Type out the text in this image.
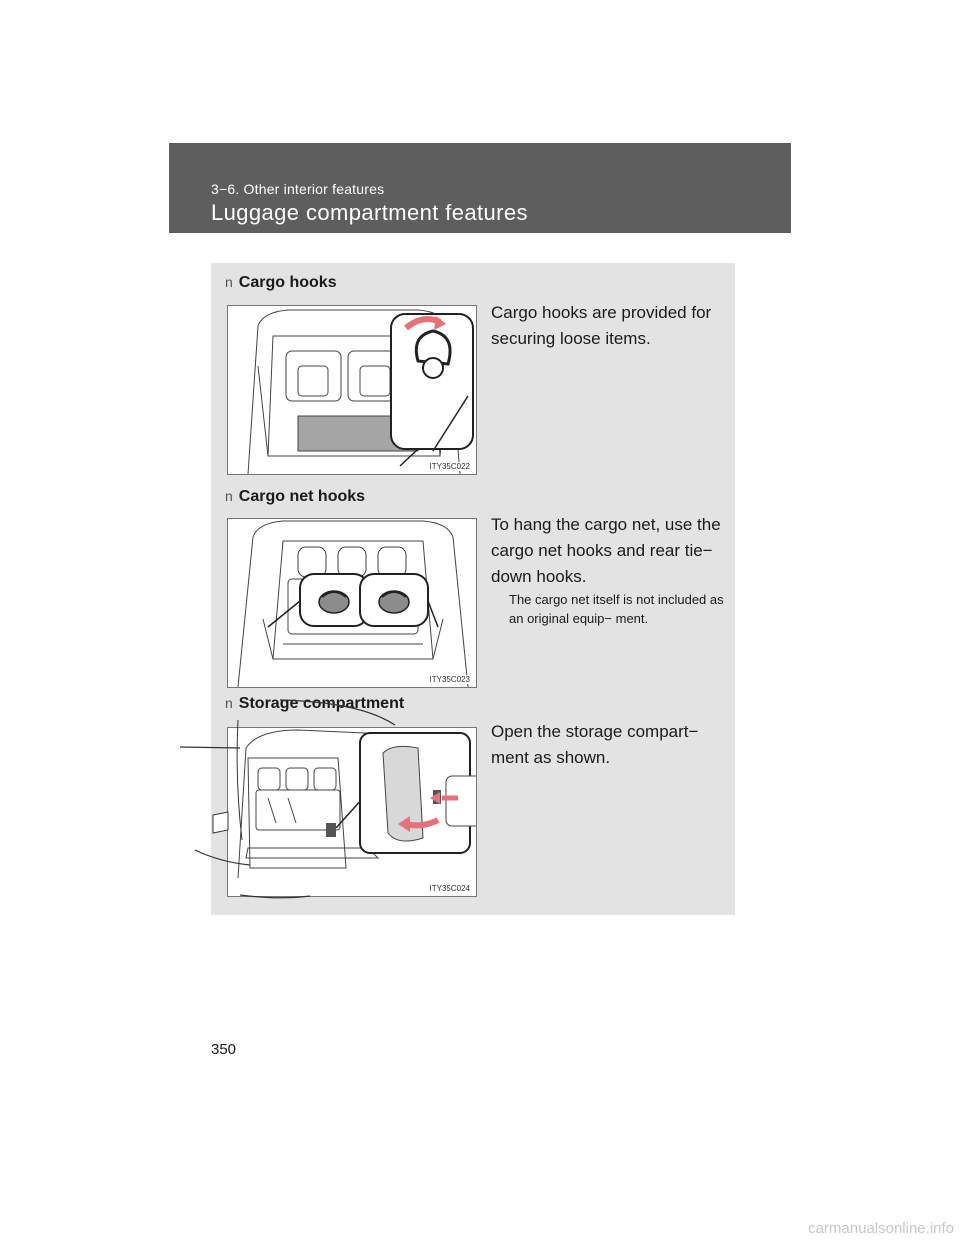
3−6. Other interior features
Luggage compartment features
n Cargo hooks
ITY35C022
Cargo hooks are provided for securing loose items.
n Cargo net hooks
ITY35C023
To hang the cargo net, use the cargo net hooks and rear tie− down hooks.
The cargo net itself is not included as an original equip− ment.
n Storage compartment
ITY35C024
Open the storage compart− ment as shown.
350
carmanualsonline.info
